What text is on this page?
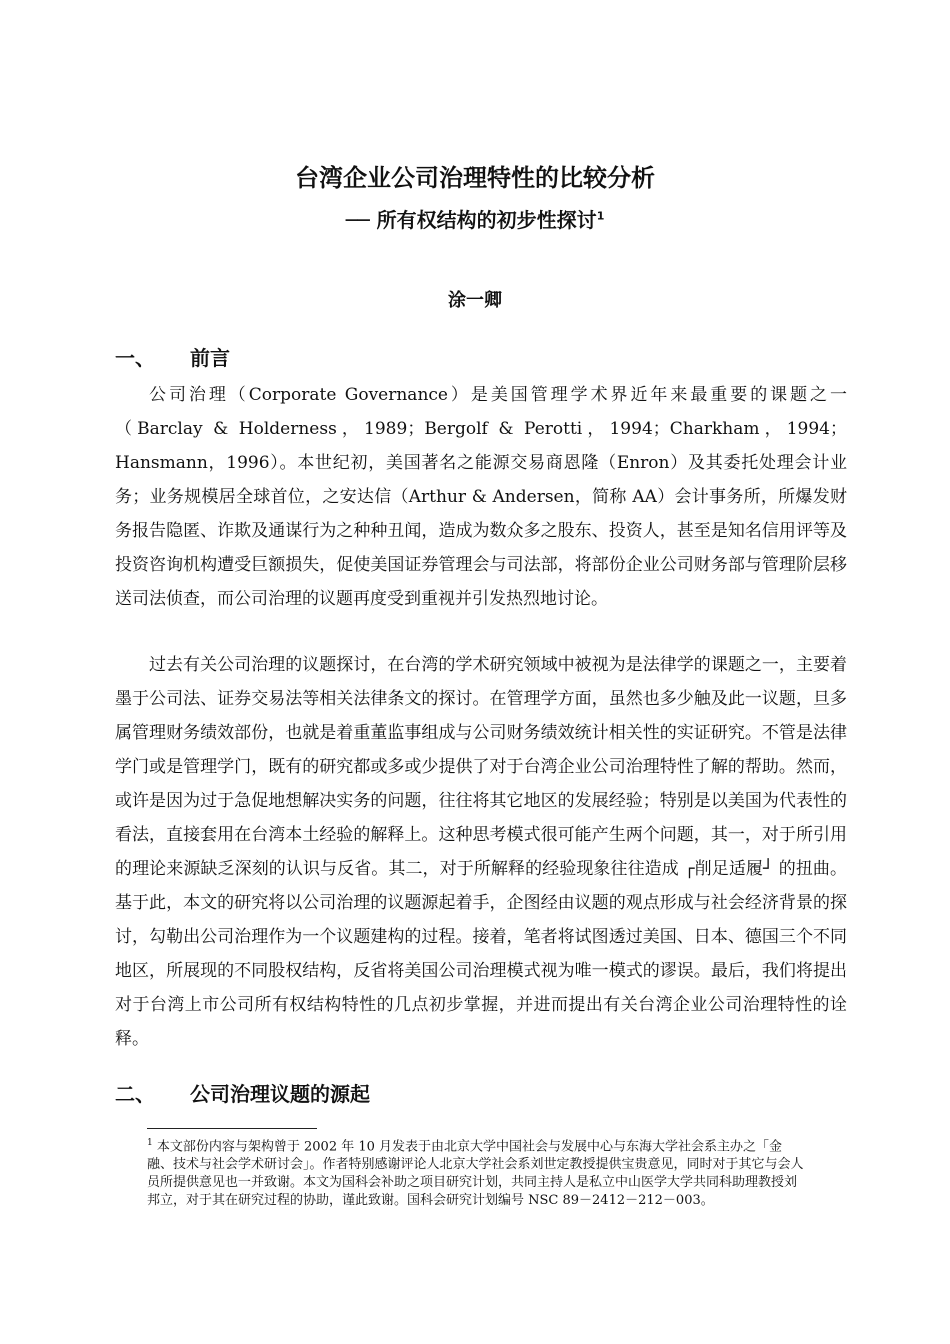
台湾企业公司治理特性的比较分析
── 所有权结构的初步性探讨$^1$
涂一卿
一、 前言
公司治理（Corporate Governance）是美国管理学术界近年来最重要的课题之一（Barclay & Holderness，1989；Bergolf & Perotti，1994；Charkham，1994；Hansmann，1996）。本世纪初，美国著名之能源交易商恩隆（Enron）及其委托处理会计业务；业务规模居全球首位，之安达信（Arthur & Andersen，简称 AA）会计事务所，所爆发财务报告隐匿、诈欺及通谋行为之种种丑闻，造成为数众多之股东、投资人，甚至是知名信用评等及投资咨询机构遭受巨额损失，促使美国证券管理会与司法部，将部份企业公司财务部与管理阶层移送司法侦查，而公司治理的议题再度受到重视并引发热烈地讨论。
过去有关公司治理的议题探讨，在台湾的学术研究领域中被视为是法律学的课题之一，主要着墨于公司法、证券交易法等相关法律条文的探讨。在管理学方面，虽然也多少触及此一议题，旦多属管理财务绩效部份，也就是着重董监事组成与公司财务绩效统计相关性的实证研究。不管是法律学门或是管理学门，既有的研究都或多或少提供了对于台湾企业公司治理特性了解的帮助。然而，或许是因为过于急促地想解决实务的问题，往往将其它地区的发展经验；特别是以美国为代表性的看法，直接套用在台湾本土经验的解释上。这种思考模式很可能产生两个问题，其一，对于所引用的理论来源缺乏深刻的认识与反省。其二，对于所解释的经验现象往往造成 ┌削足适履┘ 的扭曲。基于此，本文的研究将以公司治理的议题源起着手，企图经由议题的观点形成与社会经济背景的探讨，勾勒出公司治理作为一个议题建构的过程。接着，笔者将试图透过美国、日本、德国三个不同地区，所展现的不同股权结构，反省将美国公司治理模式视为唯一模式的谬误。最后，我们将提出对于台湾上市公司所有权结构特性的几点初步掌握，并进而提出有关台湾企业公司治理特性的诠释。
二、 公司治理议题的源起
$^1$ 本文部份内容与架构曾于 2002 年 10 月发表于由北京大学中国社会与发展中心与东海大学社会系主办之「金融、技术与社会学术研讨会」。作者特别感谢评论人北京大学社会系刘世定教授提供宝贵意见，同时对于其它与会人员所提供意见也一并致谢。本文为国科会补助之项目研究计划，共同主持人是私立中山医学大学共同科助理教授刘邦立，对于其在研究过程的协助，谨此致谢。国科会研究计划编号 NSC 89－2412－212－003。
